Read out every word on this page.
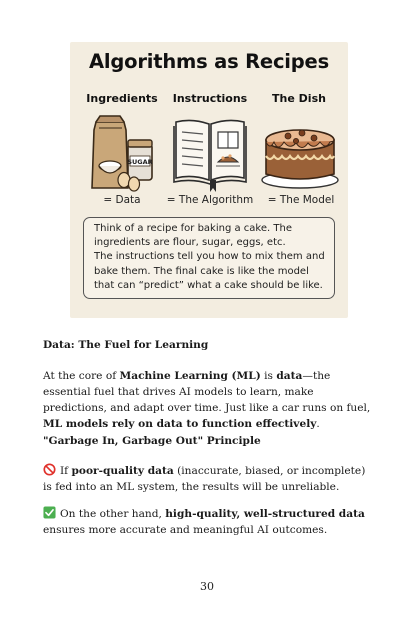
Algorithms as Recipes
Ingredients	Instructions	The Dish
SUGAR
= Data	= The Algorithm	= The Model
Think of a recipe for baking a cake. The
ingredients are flour, sugar, eggs, etc.
The instructions tell you how to mix them and
bake them. The final cake is like the model
that can “predict” what a cake should be like.
Data: The Fuel for Learning

At the core of Machine Learning (ML) is data—the essential fuel that drives AI models to learn, make predictions, and adapt over time. Just like a car runs on fuel, ML models rely on data to function effectively.

"Garbage In, Garbage Out" Principle

If poor-quality data (inaccurate, biased, or incomplete) is fed into an ML system, the results will be unreliable.

On the other hand, high-quality, well-structured data ensures more accurate and meaningful AI outcomes.

30
